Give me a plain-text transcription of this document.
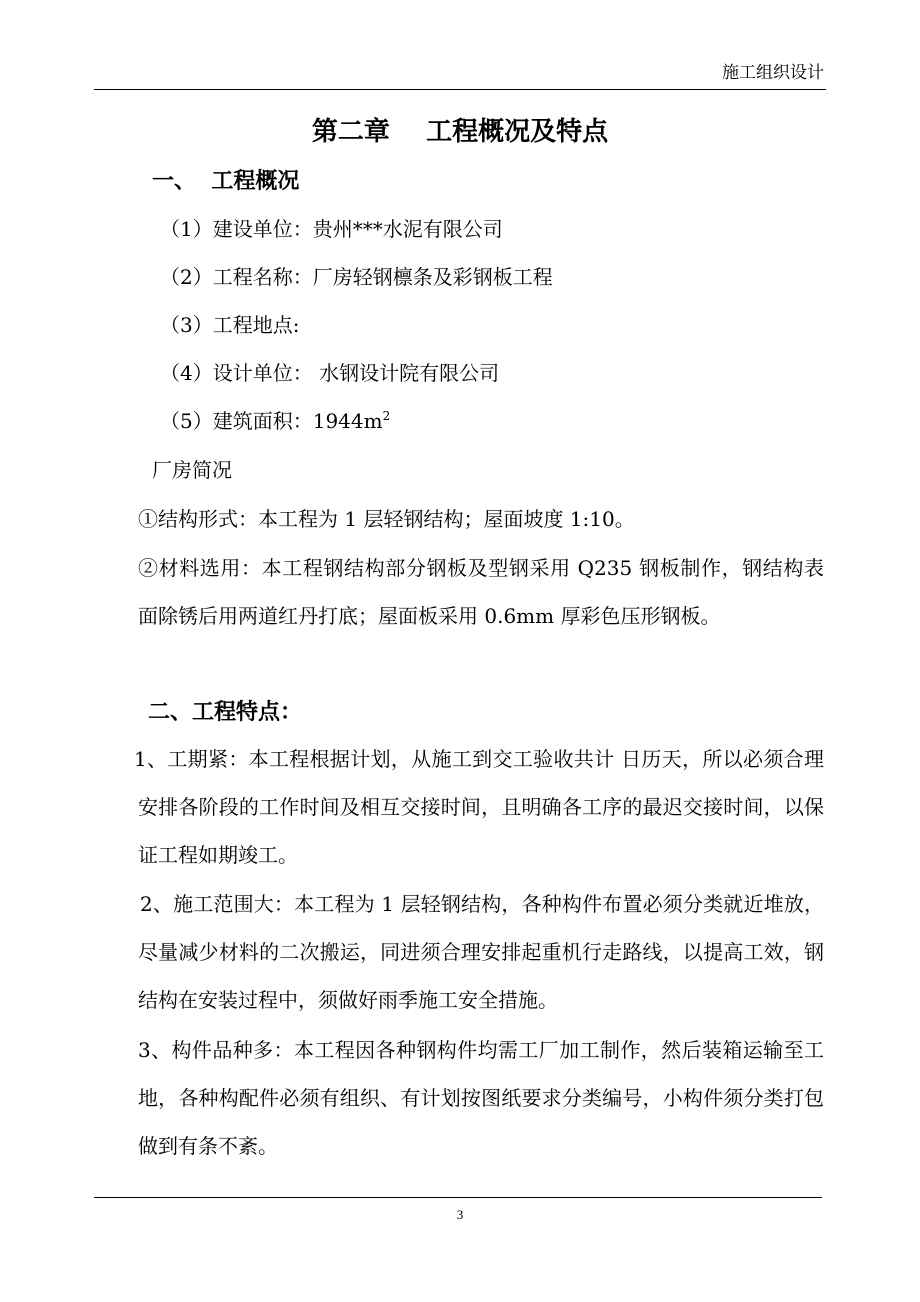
施工组织设计
第二章    工程概况及特点
一、  工程概况
（1）建设单位：贵州***水泥有限公司
（2）工程名称：厂房轻钢檩条及彩钢板工程
（3）工程地点:
（4）设计单位： 水钢设计院有限公司
（5）建筑面积：$1944m^2$
厂房简况
①结构形式：本工程为 1 层轻钢结构；屋面坡度 1:10。
②材料选用：本工程钢结构部分钢板及型钢采用 Q235 钢板制作，钢结构表面除锈后用两道红丹打底；屋面板采用 0.6mm 厚彩色压形钢板。
二、工程特点：
1、工期紧：本工程根据计划，从施工到交工验收共计 日历天，所以必须合理安排各阶段的工作时间及相互交接时间，且明确各工序的最迟交接时间，以保证工程如期竣工。
2、施工范围大：本工程为 1 层轻钢结构，各种构件布置必须分类就近堆放，尽量减少材料的二次搬运，同进须合理安排起重机行走路线，以提高工效，钢结构在安装过程中，须做好雨季施工安全措施。
3、构件品种多：本工程因各种钢构件均需工厂加工制作，然后装箱运输至工地，各种构配件必须有组织、有计划按图纸要求分类编号，小构件须分类打包做到有条不紊。
3
